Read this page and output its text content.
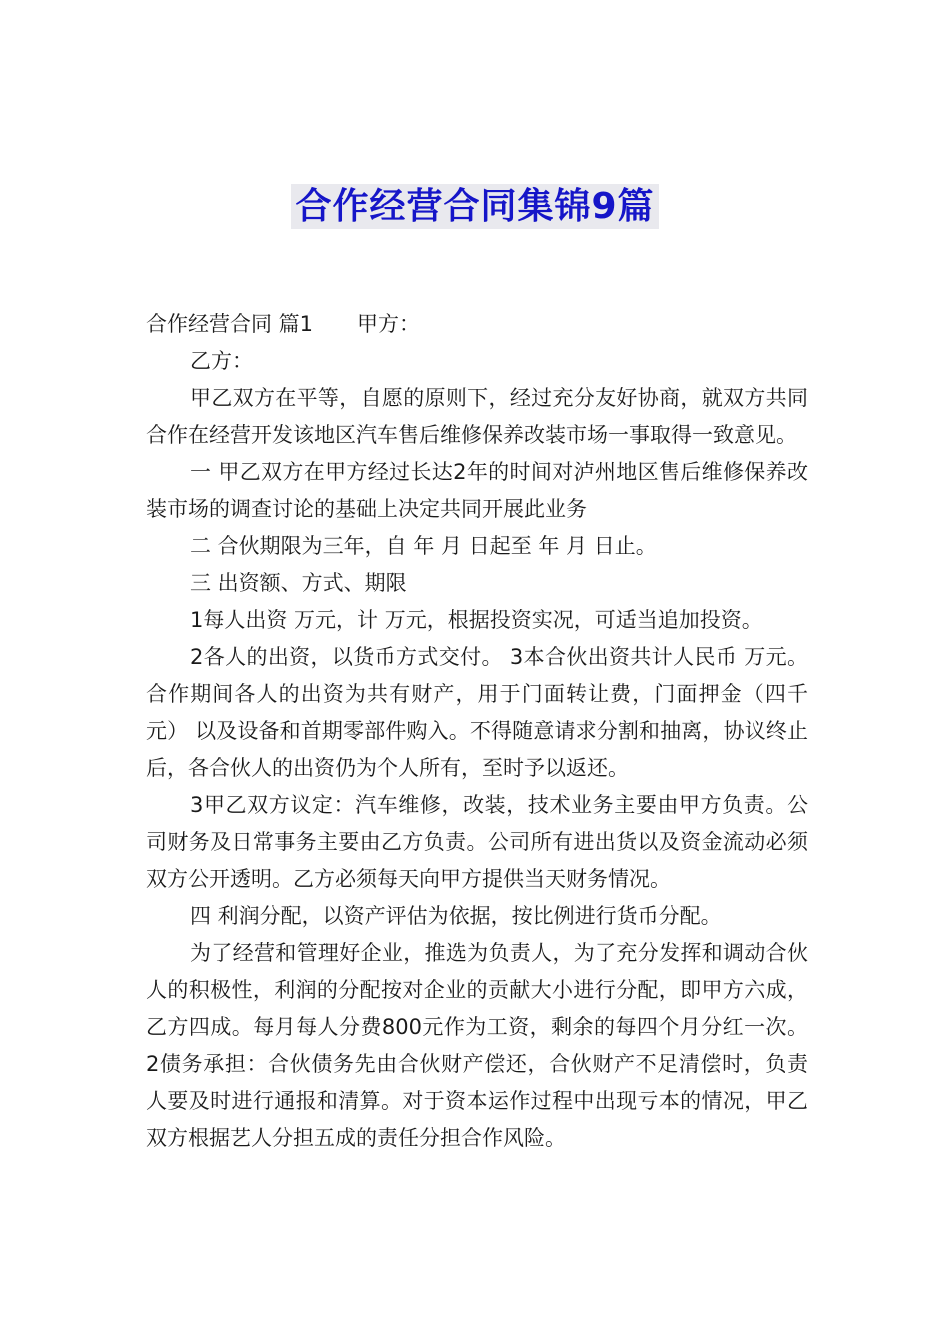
合作经营合同集锦9篇

合作经营合同 篇1 甲方：

乙方：

甲乙双方在平等，自愿的原则下，经过充分友好协商，就双方共同合作在经营开发该地区汽车售后维修保养改装市场一事取得一致意见。

一 甲乙双方在甲方经过长达2年的时间对泸州地区售后维修保养改装市场的调查讨论的基础上决定共同开展此业务

二 合伙期限为三年，自 年 月 日起至 年 月 日止。

三 出资额、方式、期限

1每人出资 万元，计 万元，根据投资实况，可适当追加投资。

2各人的出资，以货币方式交付。 3本合伙出资共计人民币 万元。合作期间各人的出资为共有财产，用于门面转让费，门面押金（四千元） 以及设备和首期零部件购入。不得随意请求分割和抽离，协议终止后，各合伙人的出资仍为个人所有，至时予以返还。

3甲乙双方议定：汽车维修，改装，技术业务主要由甲方负责。公司财务及日常事务主要由乙方负责。公司所有进出货以及资金流动必须双方公开透明。乙方必须每天向甲方提供当天财务情况。

四 利润分配，以资产评估为依据，按比例进行货币分配。

为了经营和管理好企业，推选为负责人，为了充分发挥和调动合伙人的积极性，利润的分配按对企业的贡献大小进行分配，即甲方六成，乙方四成。每月每人分费800元作为工资，剩余的每四个月分红一次。 2债务承担：合伙债务先由合伙财产偿还，合伙财产不足清偿时，负责人要及时进行通报和清算。对于资本运作过程中出现亏本的情况，甲乙双方根据艺人分担五成的责任分担合作风险。
